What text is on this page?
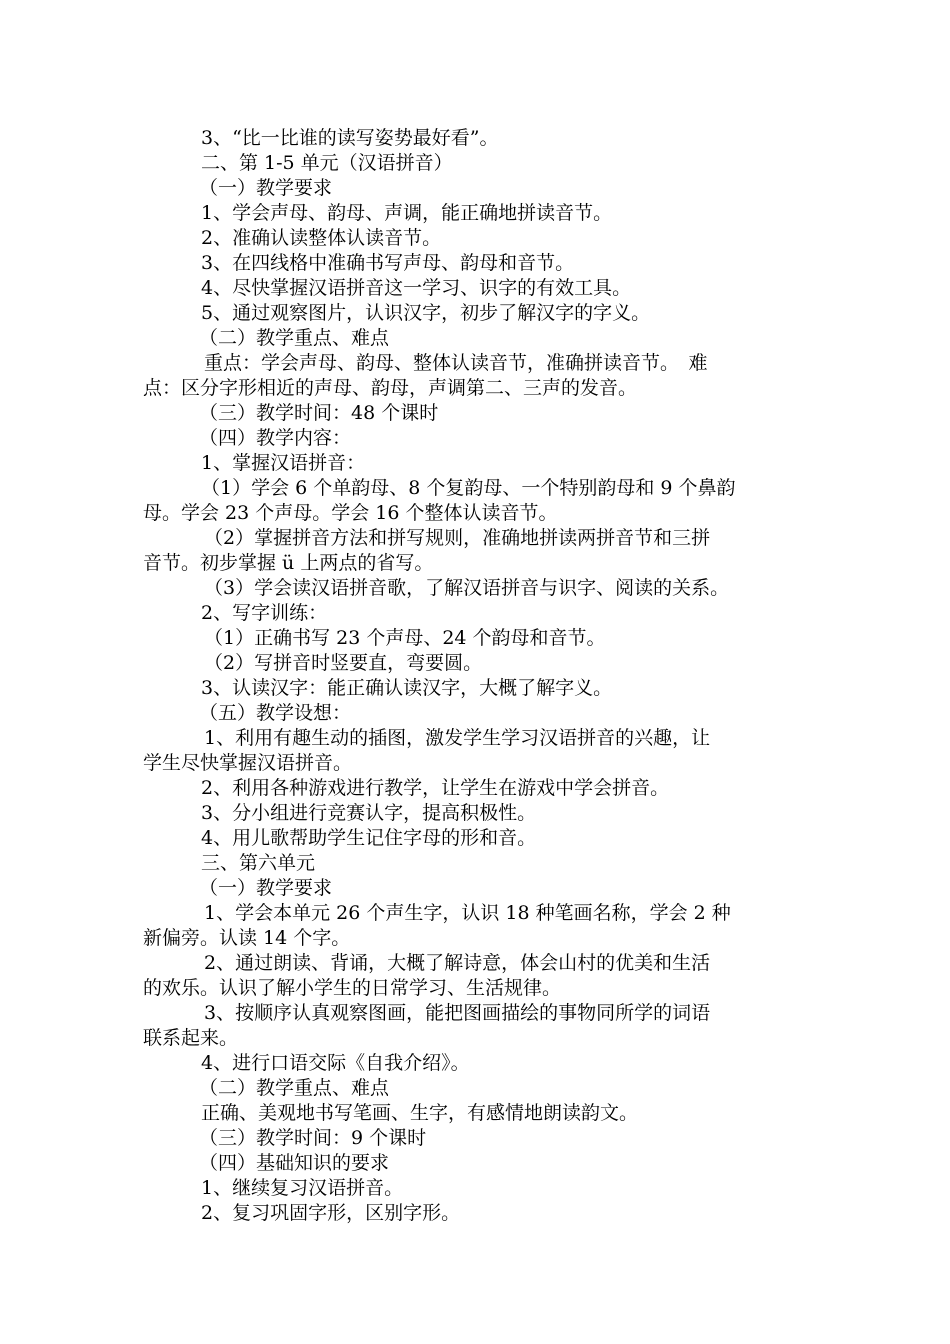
3、“比一比谁的读写姿势最好看”。

二、第 1-5 单元（汉语拼音）

（一）教学要求

1、学会声母、韵母、声调，能正确地拼读音节。

2、准确认读整体认读音节。

3、在四线格中准确书写声母、韵母和音节。

4、尽快掌握汉语拼音这一学习、识字的有效工具。

5、通过观察图片，认识汉字，初步了解汉字的字义。

（二）教学重点、难点

重点：学会声母、韵母、整体认读音节，准确拼读音节。　难

点：区分字形相近的声母、韵母，声调第二、三声的发音。

（三）教学时间：48 个课时

（四）教学内容：

1、掌握汉语拼音：

（1）学会 6 个单韵母、8 个复韵母、一个特别韵母和 9 个鼻韵

母。学会 23 个声母。学会 16 个整体认读音节。

（2）掌握拼音方法和拼写规则，准确地拼读两拼音节和三拼

音节。初步掌握 ü 上两点的省写。

（3）学会读汉语拼音歌，了解汉语拼音与识字、阅读的关系。

2、写字训练：

（1）正确书写 23 个声母、24 个韵母和音节。

（2）写拼音时竖要直，弯要圆。

3、认读汉字：能正确认读汉字，大概了解字义。

（五）教学设想：

1、利用有趣生动的插图，激发学生学习汉语拼音的兴趣，让

学生尽快掌握汉语拼音。

2、利用各种游戏进行教学，让学生在游戏中学会拼音。

3、分小组进行竞赛认字，提高积极性。

4、用儿歌帮助学生记住字母的形和音。

三、第六单元

（一）教学要求

1、学会本单元 26 个声生字，认识 18 种笔画名称，学会 2 种

新偏旁。认读 14 个字。

2、通过朗读、背诵，大概了解诗意，体会山村的优美和生活

的欢乐。认识了解小学生的日常学习、生活规律。

3、按顺序认真观察图画，能把图画描绘的事物同所学的词语

联系起来。

4、进行口语交际《自我介绍》。

（二）教学重点、难点

正确、美观地书写笔画、生字，有感情地朗读韵文。

（三）教学时间：9 个课时

（四）基础知识的要求

1、继续复习汉语拼音。

2、复习巩固字形，区别字形。
